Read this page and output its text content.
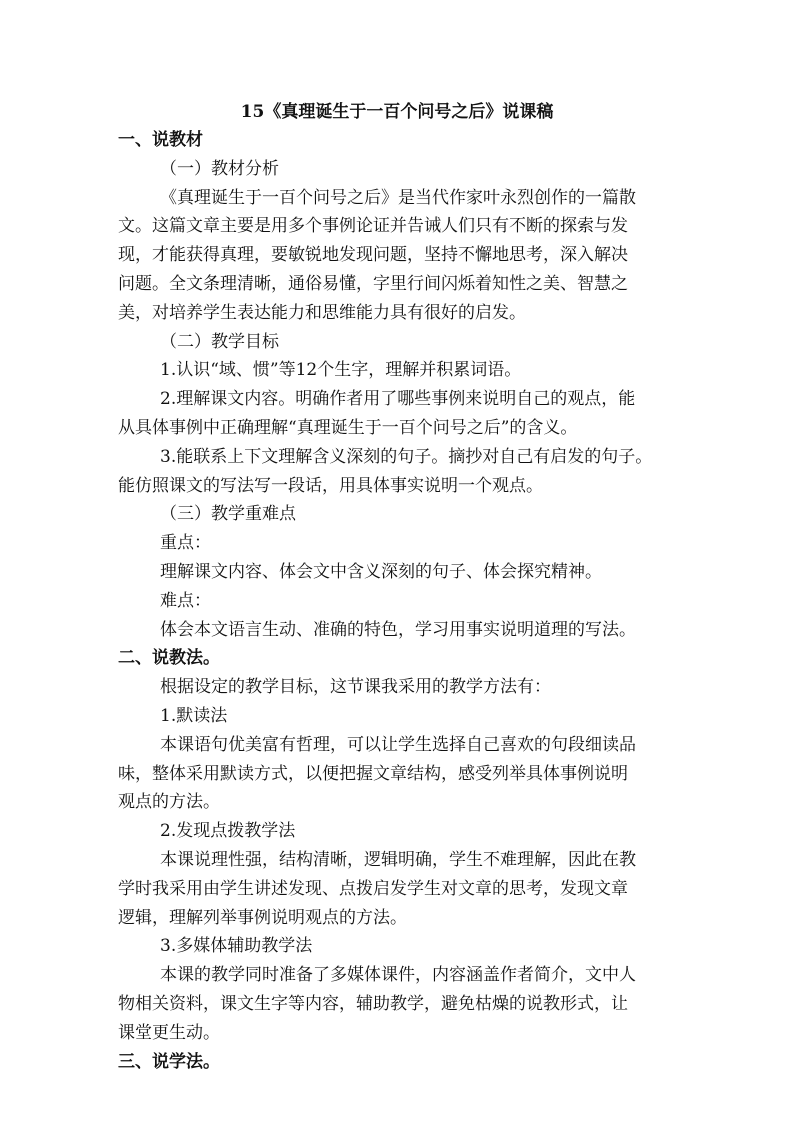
15《真理诞生于一百个问号之后》说课稿
一、说教材
（一）教材分析
《真理诞生于一百个问号之后》是当代作家叶永烈创作的一篇散
文。这篇文章主要是用多个事例论证并告诫人们只有不断的探索与发
现，才能获得真理，要敏锐地发现问题，坚持不懈地思考，深入解决
问题。全文条理清晰，通俗易懂，字里行间闪烁着知性之美、智慧之
美，对培养学生表达能力和思维能力具有很好的启发。
（二）教学目标
1.认识“域、惯”等12个生字，理解并积累词语。
2.理解课文内容。明确作者用了哪些事例来说明自己的观点，能
从具体事例中正确理解“真理诞生于一百个问号之后”的含义。
3.能联系上下文理解含义深刻的句子。摘抄对自己有启发的句子。
能仿照课文的写法写一段话，用具体事实说明一个观点。
（三）教学重难点
重点：
理解课文内容、体会文中含义深刻的句子、体会探究精神。
难点：
体会本文语言生动、准确的特色，学习用事实说明道理的写法。
二、说教法。
根据设定的教学目标，这节课我采用的教学方法有：
1.默读法
本课语句优美富有哲理，可以让学生选择自己喜欢的句段细读品
味，整体采用默读方式，以便把握文章结构，感受列举具体事例说明
观点的方法。
2.发现点拨教学法
本课说理性强，结构清晰，逻辑明确，学生不难理解，因此在教
学时我采用由学生讲述发现、点拨启发学生对文章的思考，发现文章
逻辑，理解列举事例说明观点的方法。
3.多媒体辅助教学法
本课的教学同时准备了多媒体课件，内容涵盖作者简介，文中人
物相关资料，课文生字等内容，辅助教学，避免枯燥的说教形式，让
课堂更生动。
三、说学法。
